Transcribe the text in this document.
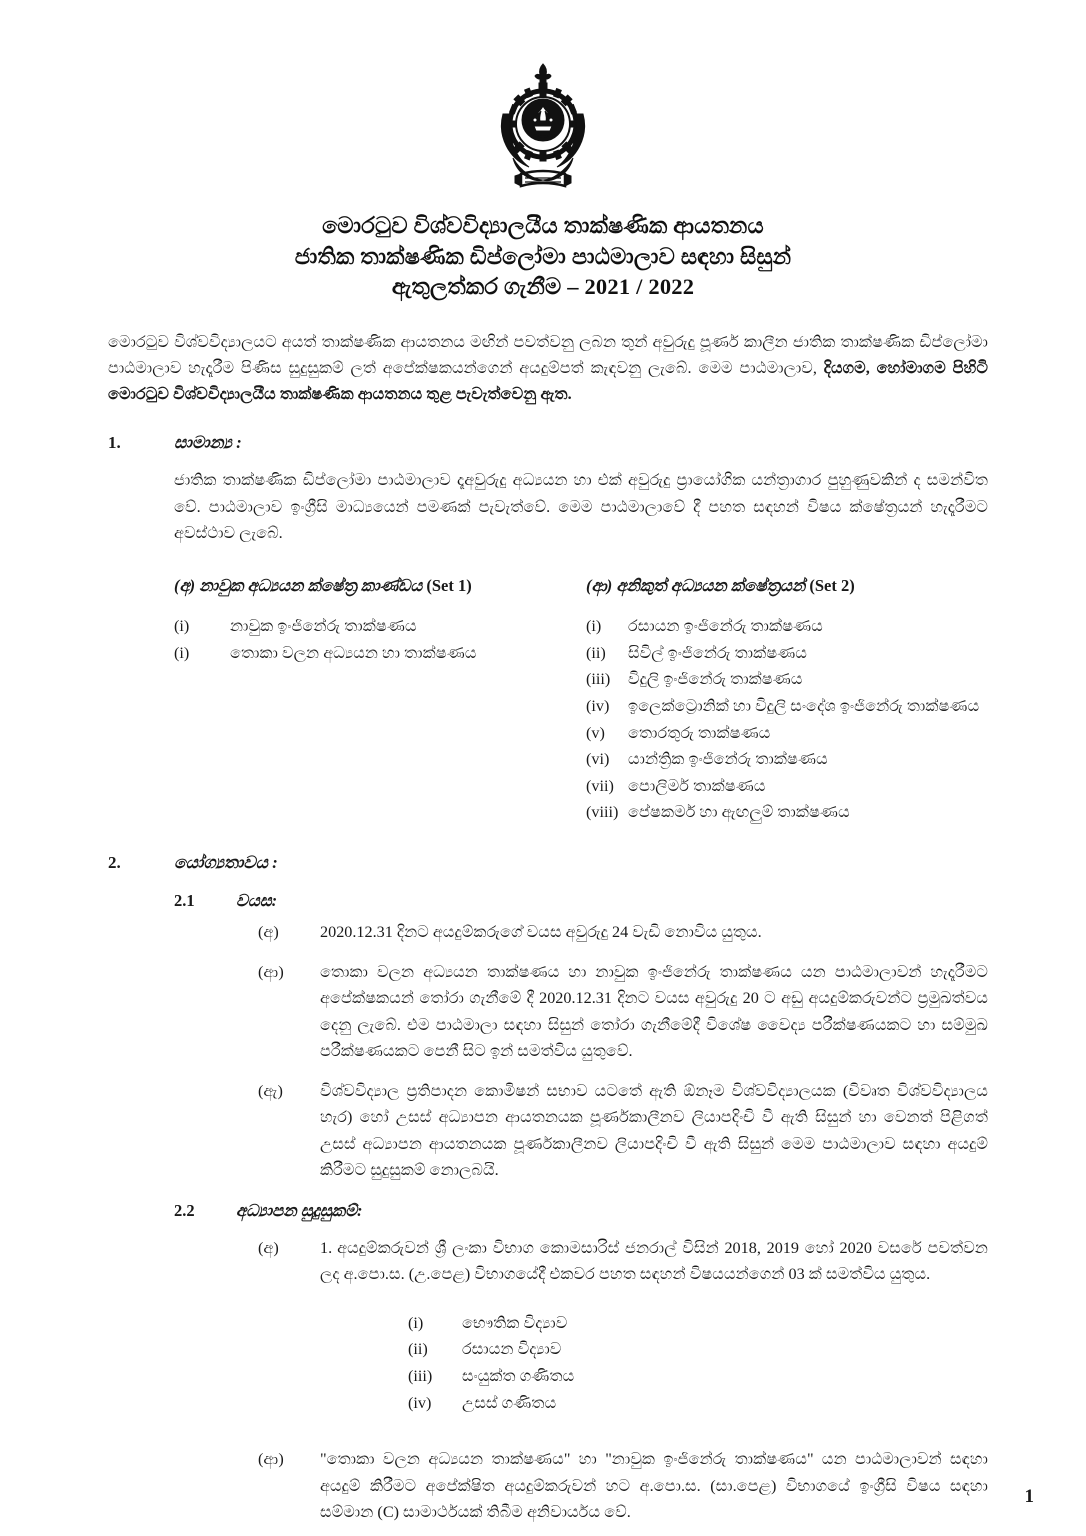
මොරටුව විශ්වවිද්‍යාලයීය තාක්ෂණික ආයතනය
ජාතික තාක්ෂණික ඩිප්ලෝමා පාඨමාලාව සඳහා සිසුන්
ඇතුලත්කර ගැනීම – 2021 / 2022

මොරටුව විශ්වවිද්‍යාලයට අයත් තාක්ෂණික ආයතනය මඟින් පවත්වනු ලබන තුන් අවුරුදු පූර්ණ කාලීන ජාතික තාක්ෂණික ඩිප්ලෝමා පාඨමාලාව හැදෑරීම පිණිස සුදුසුකම් ලත් අපේක්ෂකයන්ගෙන් අයදුම්පත් කැඳවනු ලැබේ. මෙම පාඨමාලාව, දියගම, හෝමාගම පිහිටි මොරටුව විශ්වවිද්‍යාලයීය තාක්ෂණික ආයතනය තුළ පැවැත්වෙනු ඇත.

1.	සාමාන්‍ය :

ජාතික තාක්ෂණික ඩිප්ලෝමා පාඨමාලාව දෑඅවුරුදු අධ්‍යයන හා එක් අවුරුදු ප්‍රායෝගික යන්ත්‍රාගාර පුහුණුවකින් ද සමන්විත වේ. පාඨමාලාව ඉංග්‍රීසි මාධ්‍යයෙන් පමණක් පැවැත්වේ. මෙම පාඨමාලාවේ දී පහත සඳහන් විෂය ක්ෂේත්‍රයන් හැදෑරීමට අවස්ථාව ලැබේ.

(අ) නාවුක අධ්‍යයන ක්ෂේත්‍ර කාණ්ඩය (Set 1)
(i)	නාවුක ඉංජිනේරු තාක්ෂණය
(i)	තොකා වලන අධ්‍යයන හා තාක්ෂණය
(ආ) අනිකුත් අධ්‍යයන ක්ෂේත්‍රයන් (Set 2)
(i)	රසායන ඉංජිනේරු තාක්ෂණය
(ii)	සිවිල් ඉංජිනේරු තාක්ෂණය
(iii)	විදුලි ඉංජිනේරු තාක්ෂණය
(iv)	ඉලෙක්ට්‍රොනික් හා විදුලි සංදේශ ඉංජිනේරු තාක්ෂණය
(v)	තොරතුරු තාක්ෂණය
(vi)	යාන්ත්‍රික ඉංජිනේරු තාක්ෂණය
(vii) පොලිමර් තාක්ෂණය
(viii) පේෂකර්ම හා ඇඟලුම් තාක්ෂණය
2.	යෝග්‍යතාවය :
2.1	වයස:
(අ)	2020.12.31 දිනට අයදුම්කරුගේ වයස අවුරුදු 24 වැඩි නොවිය යුතුය.
(ආ)	තොකා වලන අධ්‍යයන තාක්ෂණය හා නාවුක ඉංජිනේරු තාක්ෂණය යන පාඨමාලාවන් හැදෑරීමට අපේක්ෂකයන් තෝරා ගැනීමේ දී 2020.12.31 දිනට වයස අවුරුදු 20 ට අඩු අයදුම්කරුවන්ට ප්‍රමුඛත්වය දෙනු ලැබේ. එම පාඨමාලා සඳහා සිසුන් තෝරා ගැනීමේදී විශේෂ වෛද්‍ය පරීක්ෂණයකට හා සම්මුඛ පරීක්ෂණයකට පෙනී සිට ඉන් සමත්විය යුතුවේ.
(ඇ)	විශ්වවිද්‍යාල ප්‍රතිපාදන කොමිෂන් සභාව යටතේ ඇති ඕනෑම විශ්වවිද්‍යාලයක (විවෘත විශ්වවිද්‍යාලය හැර) හෝ උසස් අධ්‍යාපන ආයතනයක පූර්ණකාලීනව ලියාපදිංචි වී ඇති සිසුන් හා වෙනත් පිළිගත් උසස් අධ්‍යාපන ආයතනයක පූර්ණකාලීනව ලියාපදිංචි වී ඇති සිසුන් මෙම පාඨමාලාව සඳහා අයදුම් කිරීමට සුදුසුකම් නොලබයි.
2.2	අධ්‍යාපන සුදුසුකම්:
(අ)	1. අයදුම්කරුවන් ශ්‍රී ලංකා විභාග කොමසාරිස් ජනරාල් විසින් 2018, 2019 හෝ 2020 වසරේ පවත්වන ලද අ.පො.ස. (උ.පෙළ) විභාගයේදී එකවර පහත සඳහන් විෂයයන්ගෙන් 03 ක් සමත්විය යුතුය.
(i)	භෞතික විද්‍යාව
(ii)	රසායන විද්‍යාව
(iii)	සංයුක්ත ගණිතය
(iv)	උසස් ගණිතය
(ආ)	"තොකා වලන අධ්‍යයන තාක්ෂණය" හා "නාවුක ඉංජිනේරු තාක්ෂණය" යන පාඨමාලාවන් සඳහා අයදුම් කිරීමට අපේක්ෂිත අයදුම්කරුවන් හට අ.පො.ස. (සා.පෙළ) විභාගයේ ඉංග්‍රීසි විෂය සඳහා සම්මාන (C) සාමාර්ථයක් තිබීම අනිවාර්යය වේ.
1
